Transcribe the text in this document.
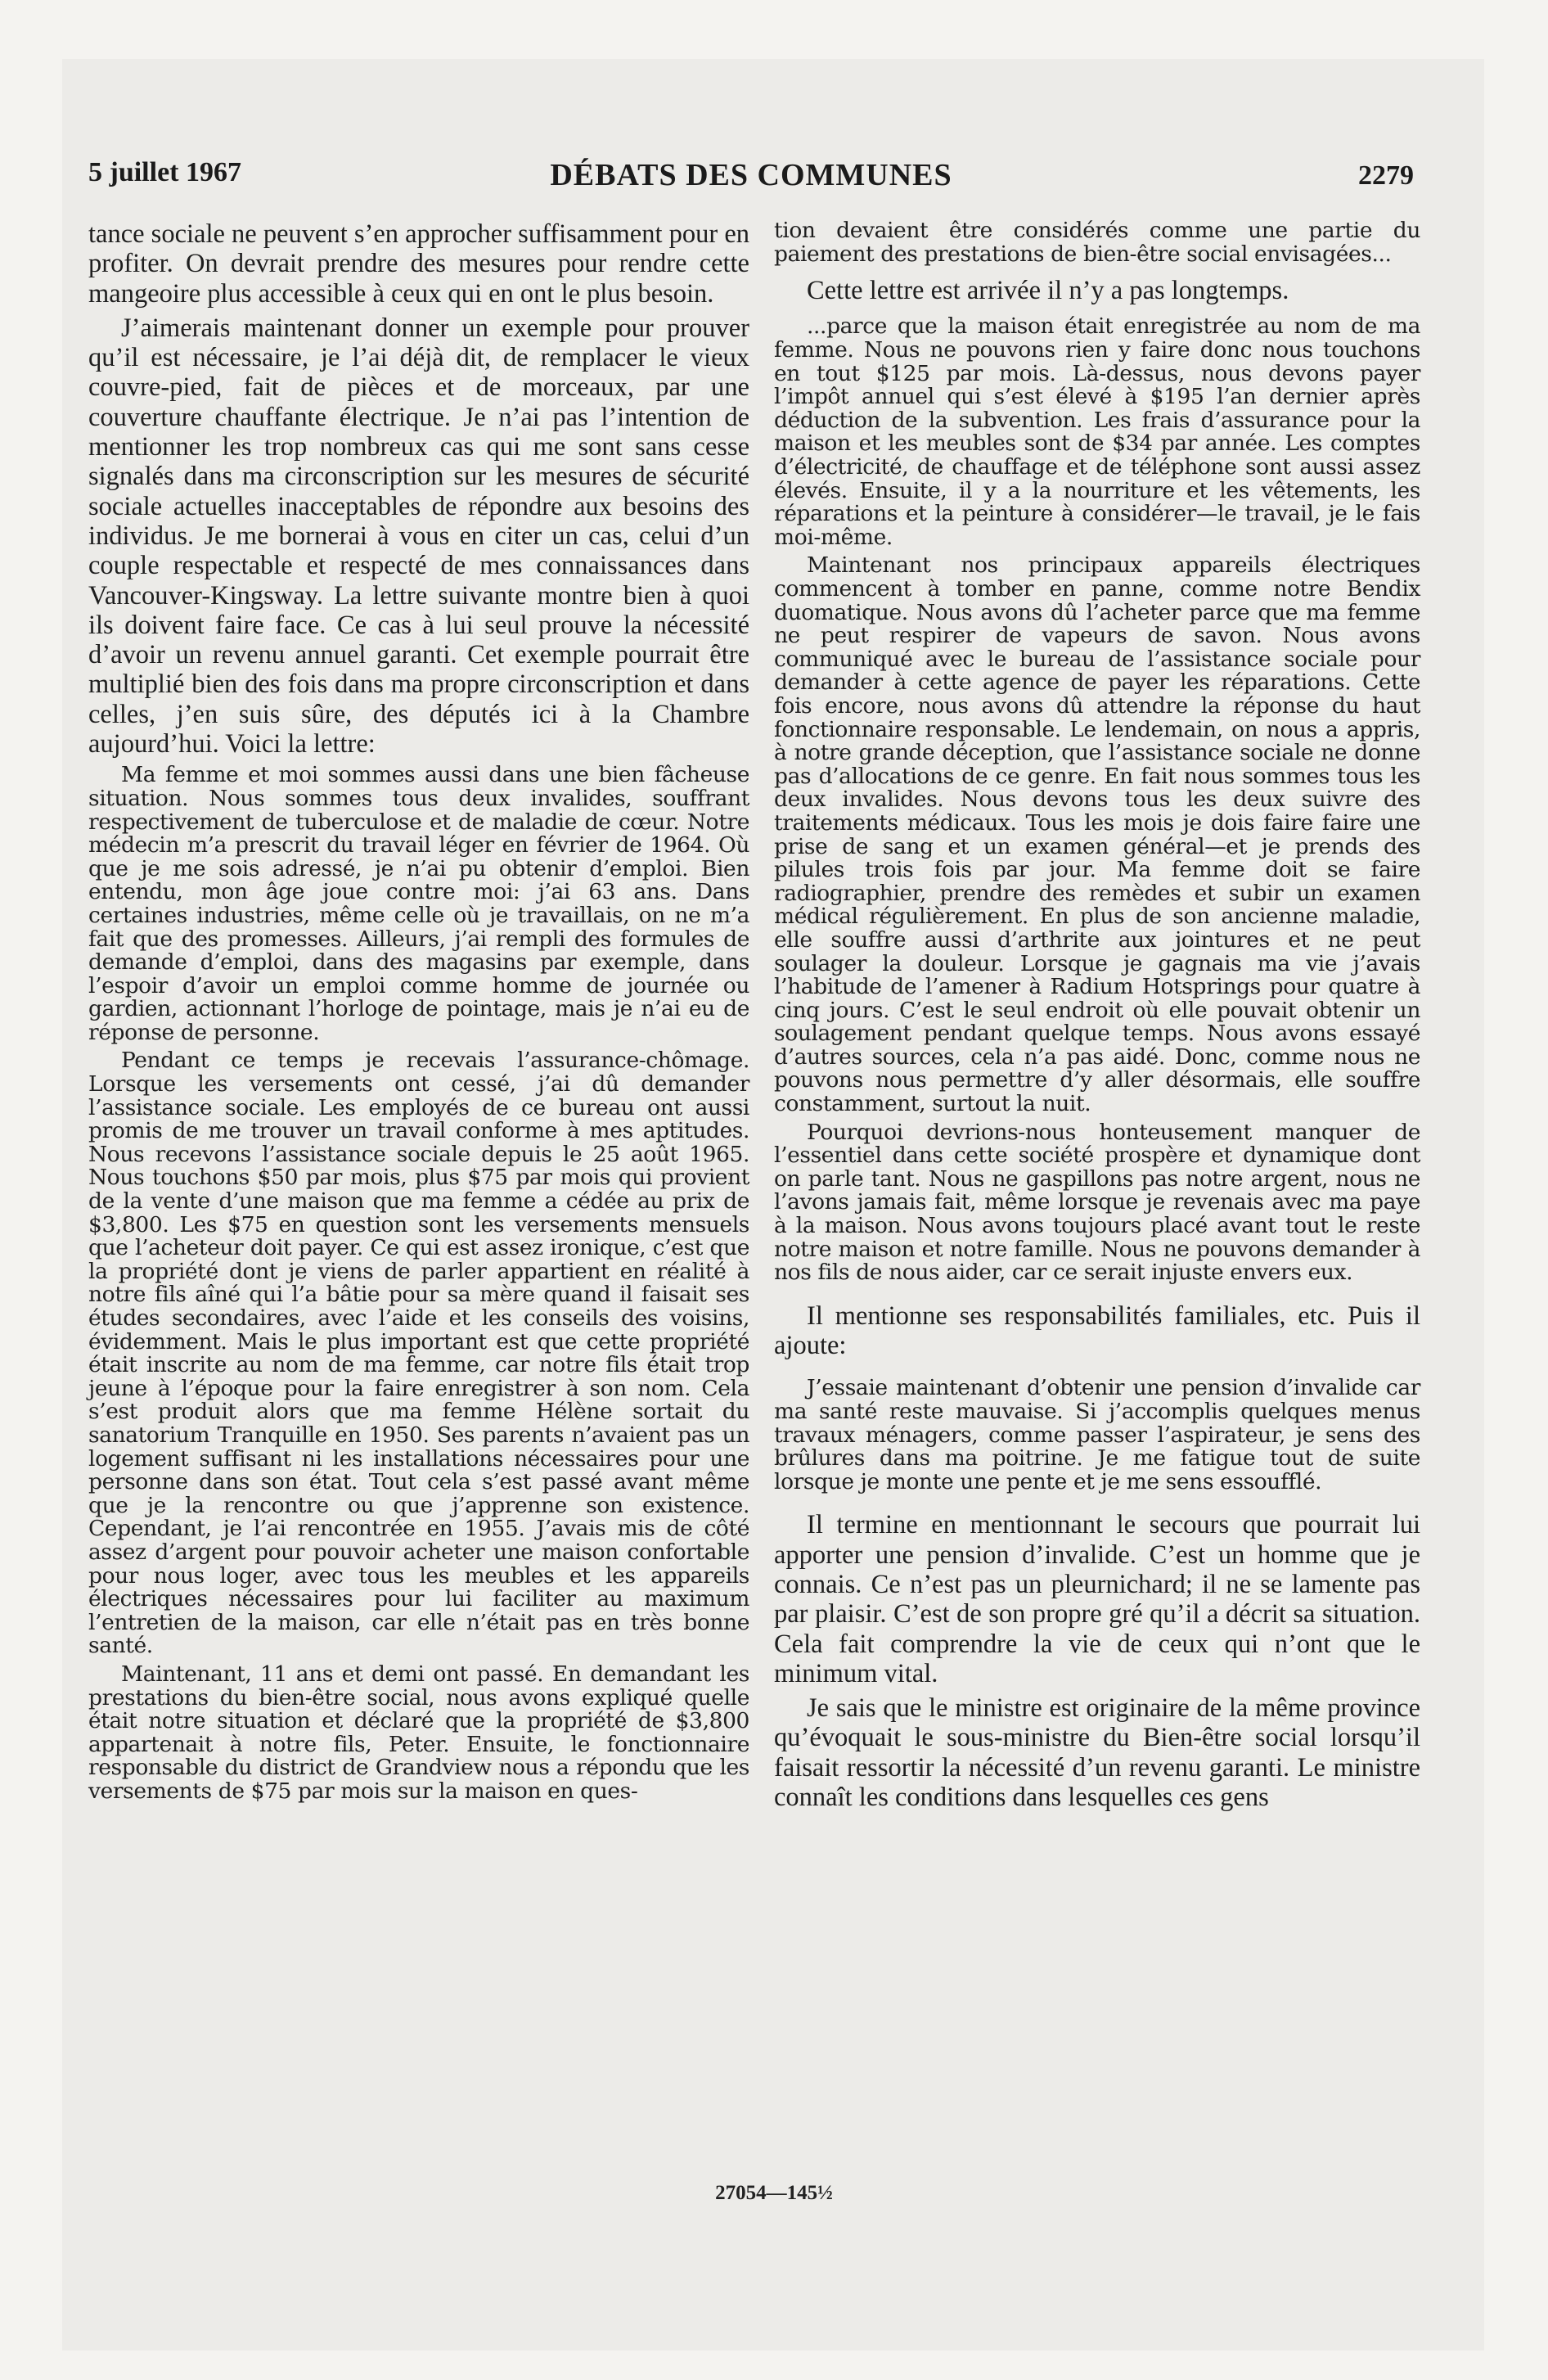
5 juillet 1967	DÉBATS DES COMMUNES	2279

tance sociale ne peuvent s’en approcher suffisamment pour en profiter. On devrait prendre des mesures pour rendre cette mangeoire plus accessible à ceux qui en ont le plus besoin.

J’aimerais maintenant donner un exemple pour prouver qu’il est nécessaire, je l’ai déjà dit, de remplacer le vieux couvre-pied, fait de pièces et de morceaux, par une couverture chauffante électrique. Je n’ai pas l’intention de mentionner les trop nombreux cas qui me sont sans cesse signalés dans ma circonscription sur les mesures de sécurité sociale actuelles inacceptables de répondre aux besoins des individus. Je me bornerai à vous en citer un cas, celui d’un couple respectable et respecté de mes connaissances dans Vancouver-Kingsway. La lettre suivante montre bien à quoi ils doivent faire face. Ce cas à lui seul prouve la nécessité d’avoir un revenu annuel garanti. Cet exemple pourrait être multiplié bien des fois dans ma propre circonscription et dans celles, j’en suis sûre, des députés ici à la Chambre aujourd’hui. Voici la lettre:

Ma femme et moi sommes aussi dans une bien fâcheuse situation. Nous sommes tous deux invalides, souffrant respectivement de tuberculose et de maladie de cœur. Notre médecin m’a prescrit du travail léger en février de 1964. Où que je me sois adressé, je n’ai pu obtenir d’emploi. Bien entendu, mon âge joue contre moi: j’ai 63 ans. Dans certaines industries, même celle où je travaillais, on ne m’a fait que des promesses. Ailleurs, j’ai rempli des formules de demande d’emploi, dans des magasins par exemple, dans l’espoir d’avoir un emploi comme homme de journée ou gardien, actionnant l’horloge de pointage, mais je n’ai eu de réponse de personne.

Pendant ce temps je recevais l’assurance-chômage. Lorsque les versements ont cessé, j’ai dû demander l’assistance sociale. Les employés de ce bureau ont aussi promis de me trouver un travail conforme à mes aptitudes. Nous recevons l’assistance sociale depuis le 25 août 1965. Nous touchons $50 par mois, plus $75 par mois qui provient de la vente d’une maison que ma femme a cédée au prix de $3,800. Les $75 en question sont les versements mensuels que l’acheteur doit payer. Ce qui est assez ironique, c’est que la propriété dont je viens de parler appartient en réalité à notre fils aîné qui l’a bâtie pour sa mère quand il faisait ses études secondaires, avec l’aide et les conseils des voisins, évidemment. Mais le plus important est que cette propriété était inscrite au nom de ma femme, car notre fils était trop jeune à l’époque pour la faire enregistrer à son nom. Cela s’est produit alors que ma femme Hélène sortait du sanatorium Tranquille en 1950. Ses parents n’avaient pas un logement suffisant ni les installations nécessaires pour une personne dans son état. Tout cela s’est passé avant même que je la rencontre ou que j’apprenne son existence. Cependant, je l’ai rencontrée en 1955. J’avais mis de côté assez d’argent pour pouvoir acheter une maison confortable pour nous loger, avec tous les meubles et les appareils électriques nécessaires pour lui faciliter au maximum l’entretien de la maison, car elle n’était pas en très bonne santé.

Maintenant, 11 ans et demi ont passé. En demandant les prestations du bien-être social, nous avons expliqué quelle était notre situation et déclaré que la propriété de $3,800 appartenait à notre fils, Peter. Ensuite, le fonctionnaire responsable du district de Grandview nous a répondu que les versements de $75 par mois sur la maison en ques-

tion devaient être considérés comme une partie du paiement des prestations de bien-être social envisagées...

Cette lettre est arrivée il n’y a pas longtemps.

...parce que la maison était enregistrée au nom de ma femme. Nous ne pouvons rien y faire donc nous touchons en tout $125 par mois. Là-dessus, nous devons payer l’impôt annuel qui s’est élevé à $195 l’an dernier après déduction de la subvention. Les frais d’assurance pour la maison et les meubles sont de $34 par année. Les comptes d’électricité, de chauffage et de téléphone sont aussi assez élevés. Ensuite, il y a la nourriture et les vêtements, les réparations et la peinture à considérer—le travail, je le fais moi-même.

Maintenant nos principaux appareils électriques commencent à tomber en panne, comme notre Bendix duomatique. Nous avons dû l’acheter parce que ma femme ne peut respirer de vapeurs de savon. Nous avons communiqué avec le bureau de l’assistance sociale pour demander à cette agence de payer les réparations. Cette fois encore, nous avons dû attendre la réponse du haut fonctionnaire responsable. Le lendemain, on nous a appris, à notre grande déception, que l’assistance sociale ne donne pas d’allocations de ce genre. En fait nous sommes tous les deux invalides. Nous devons tous les deux suivre des traitements médicaux. Tous les mois je dois faire faire une prise de sang et un examen général—et je prends des pilules trois fois par jour. Ma femme doit se faire radiographier, prendre des remèdes et subir un examen médical régulièrement. En plus de son ancienne maladie, elle souffre aussi d’arthrite aux jointures et ne peut soulager la douleur. Lorsque je gagnais ma vie j’avais l’habitude de l’amener à Radium Hotsprings pour quatre à cinq jours. C’est le seul endroit où elle pouvait obtenir un soulagement pendant quelque temps. Nous avons essayé d’autres sources, cela n’a pas aidé. Donc, comme nous ne pouvons nous permettre d’y aller désormais, elle souffre constamment, surtout la nuit.

Pourquoi devrions-nous honteusement manquer de l’essentiel dans cette société prospère et dynamique dont on parle tant. Nous ne gaspillons pas notre argent, nous ne l’avons jamais fait, même lorsque je revenais avec ma paye à la maison. Nous avons toujours placé avant tout le reste notre maison et notre famille. Nous ne pouvons demander à nos fils de nous aider, car ce serait injuste envers eux.

Il mentionne ses responsabilités familiales, etc. Puis il ajoute:

J’essaie maintenant d’obtenir une pension d’invalide car ma santé reste mauvaise. Si j’accomplis quelques menus travaux ménagers, comme passer l’aspirateur, je sens des brûlures dans ma poitrine. Je me fatigue tout de suite lorsque je monte une pente et je me sens essoufflé.

Il termine en mentionnant le secours que pourrait lui apporter une pension d’invalide. C’est un homme que je connais. Ce n’est pas un pleurnichard; il ne se lamente pas par plaisir. C’est de son propre gré qu’il a décrit sa situation. Cela fait comprendre la vie de ceux qui n’ont que le minimum vital.

Je sais que le ministre est originaire de la même province qu’évoquait le sous-ministre du Bien-être social lorsqu’il faisait ressortir la nécessité d’un revenu garanti. Le ministre connaît les conditions dans lesquelles ces gens

27054—145½
